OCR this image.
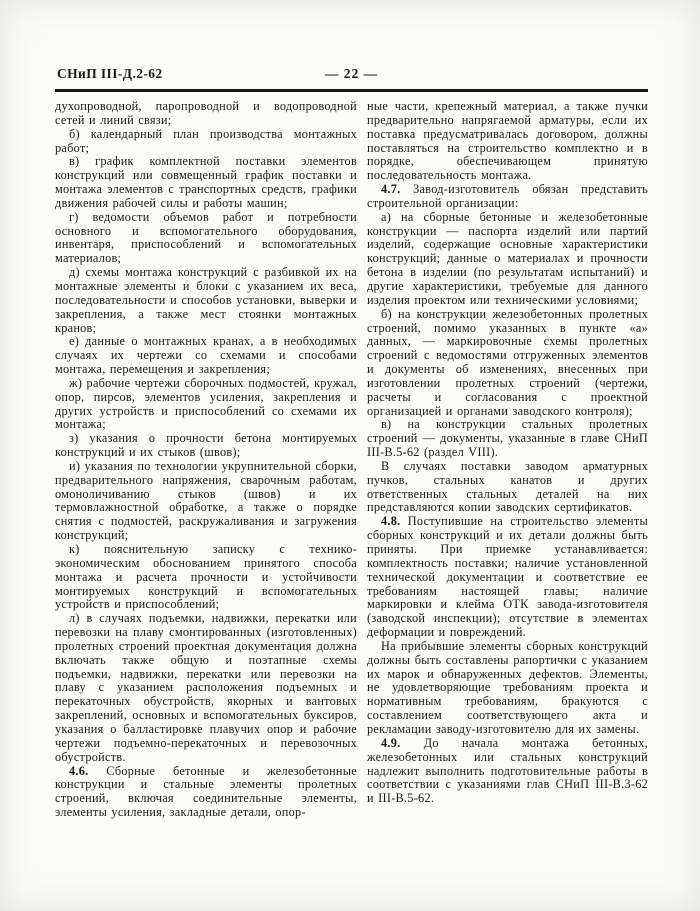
СНиП III-Д.2-62	— 22 —

духопроводной, паропроводной и водопроводной сетей и линий связи;

б) календарный план производства монтажных работ;

в) график комплектной поставки элементов конструкций или совмещенный график поставки и монтажа элементов с транспортных средств, графики движения рабочей силы и работы машин;

г) ведомости объемов работ и потребности основного и вспомогательного оборудования, инвентаря, приспособлений и вспомогательных материалов;

д) схемы монтажа конструкций с разбивкой их на монтажные элементы и блоки с указанием их веса, последовательности и способов установки, выверки и закрепления, а также мест стоянки монтажных кранов;

е) данные о монтажных кранах, а в необходимых случаях их чертежи со схемами и способами монтажа, перемещения и закрепления;

ж) рабочие чертежи сборочных подмостей, кружал, опор, пирсов, элементов усиления, закрепления и других устройств и приспособлений со схемами их монтажа;

з) указания о прочности бетона монтируемых конструкций и их стыков (швов);

и) указания по технологии укрупнительной сборки, предварительного напряжения, сварочным работам, омоноличиванию стыков (швов) и их термовлажностной обработке, а также о порядке снятия с подмостей, раскружаливания и загружения конструкций;

к) пояснительную записку с технико-экономическим обоснованием принятого способа монтажа и расчета прочности и устойчивости монтируемых конструкций и вспомогательных устройств и приспособлений;

л) в случаях подъемки, надвижки, перекатки или перевозки на плаву смонтированных (изготовленных) пролетных строений проектная документация должна включать также общую и поэтапные схемы подъемки, надвижки, перекатки или перевозки на плаву с указанием расположения подъемных и перекаточных обустройств, якорных и вантовых закреплений, основных и вспомогательных буксиров, указания о балластировке плавучих опор и рабочие чертежи подъемно-перекаточных и перевозочных обустройств.

4.6. Сборные бетонные и железобетонные конструкции и стальные элементы пролетных строений, включая соединительные элементы, элементы усиления, закладные детали, опор-

ные части, крепежный материал, а также пучки предварительно напрягаемой арматуры, если их поставка предусматривалась договором, должны поставляться на строительство комплектно и в порядке, обеспечивающем принятую последовательность монтажа.

4.7. Завод-изготовитель обязан представить строительной организации:

а) на сборные бетонные и железобетонные конструкции — паспорта изделий или партий изделий, содержащие основные характеристики конструкций; данные о материалах и прочности бетона в изделии (по результатам испытаний) и другие характеристики, требуемые для данного изделия проектом или техническими условиями;

б) на конструкции железобетонных пролетных строений, помимо указанных в пункте «а» данных, — маркировочные схемы пролетных строений с ведомостями отгруженных элементов и документы об изменениях, внесенных при изготовлении пролетных строений (чертежи, расчеты и согласования с проектной организацией и органами заводского контроля);

в) на конструкции стальных пролетных строений — документы, указанные в главе СНиП III-В.5-62 (раздел VIII).

В случаях поставки заводом арматурных пучков, стальных канатов и других ответственных стальных деталей на них представляются копии заводских сертификатов.

4.8. Поступившие на строительство элементы сборных конструкций и их детали должны быть приняты. При приемке устанавливается: комплектность поставки; наличие установленной технической документации и соответствие ее требованиям настоящей главы; наличие маркировки и клейма ОТК завода-изготовителя (заводской инспекции); отсутствие в элементах деформации и повреждений.

На прибывшие элементы сборных конструкций должны быть составлены рапортички с указанием их марок и обнаруженных дефектов. Элементы, не удовлетворяющие требованиям проекта и нормативным требованиям, бракуются с составлением соответствующего акта и рекламации заводу-изготовителю для их замены.

4.9. До начала монтажа бетонных, железобетонных или стальных конструкций надлежит выполнить подготовительные работы в соответствии с указаниями глав СНиП III-В.3-62 и III-В.5-62.
